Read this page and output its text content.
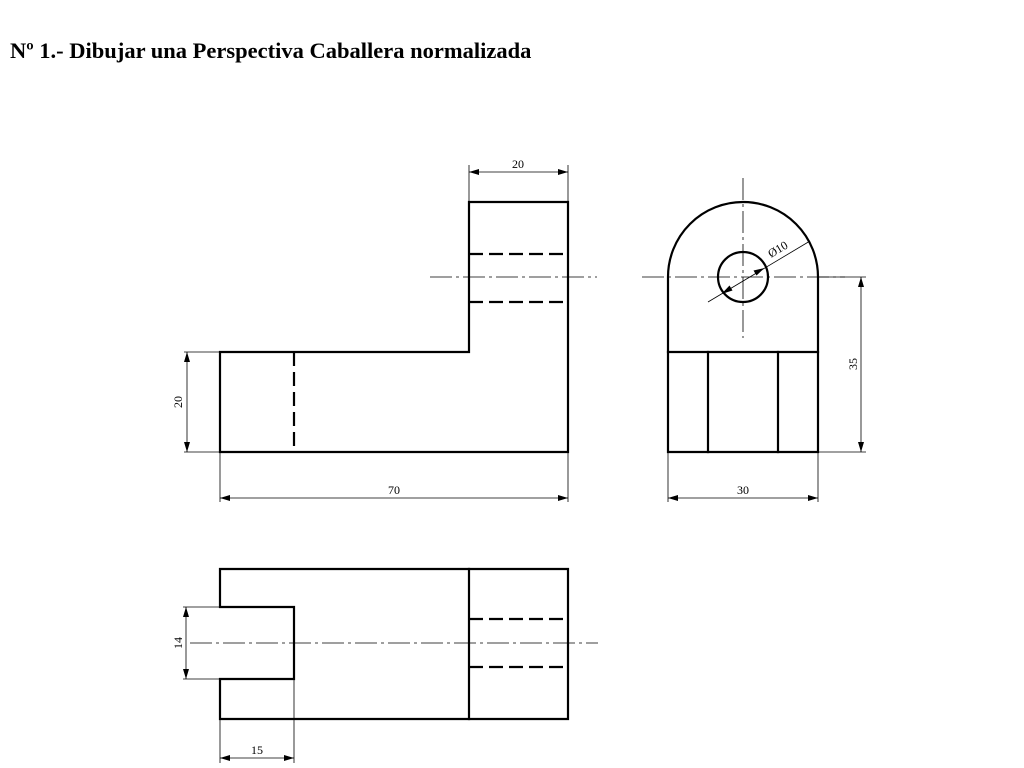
Nº 1.- Dibujar una Perspectiva Caballera normalizada
20
20
70
Ø10
35
30
14
15
